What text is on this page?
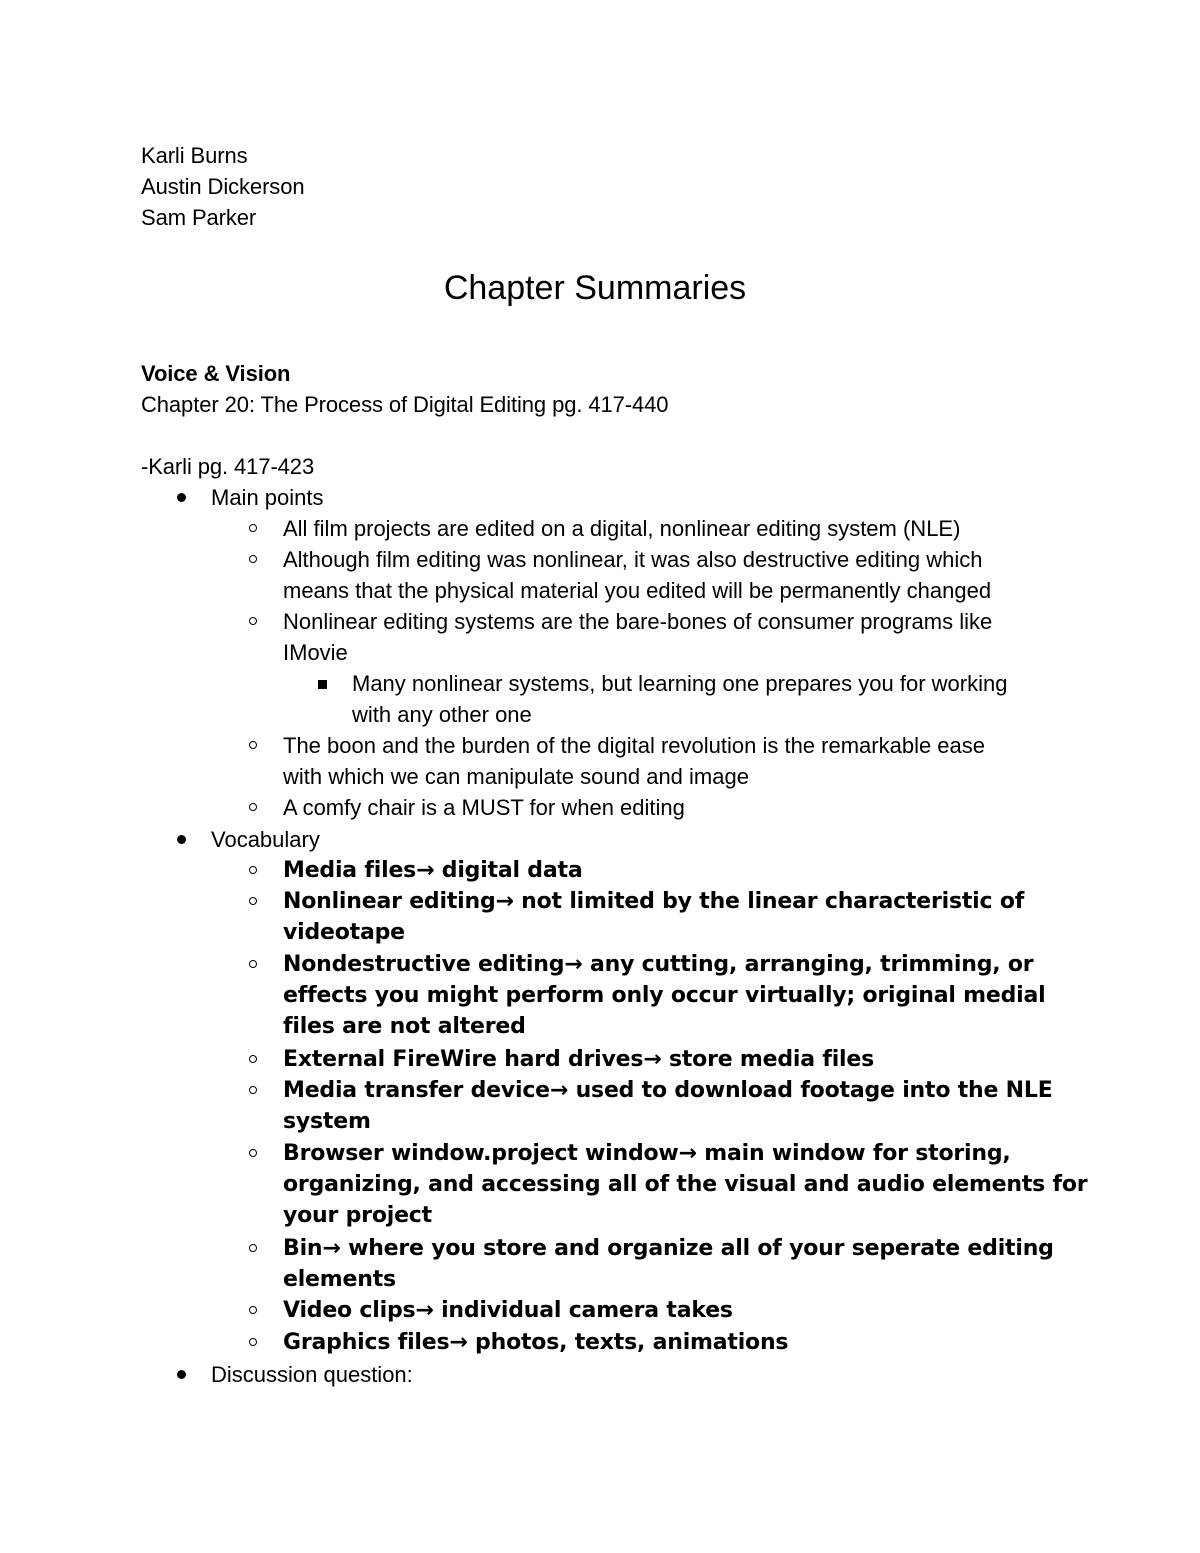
Karli Burns
Austin Dickerson
Sam Parker
Chapter Summaries
Voice & Vision
Chapter 20: The Process of Digital Editing pg. 417-440
-Karli pg. 417-423
Main points
All film projects are edited on a digital, nonlinear editing system (NLE)
Although film editing was nonlinear, it was also destructive editing which
means that the physical material you edited will be permanently changed
Nonlinear editing systems are the bare-bones of consumer programs like
IMovie
Many nonlinear systems, but learning one prepares you for working
with any other one
The boon and the burden of the digital revolution is the remarkable ease
with which we can manipulate sound and image
A comfy chair is a MUST for when editing
Vocabulary
Media files→ digital data
Nonlinear editing→ not limited by the linear characteristic of
videotape
Nondestructive editing→ any cutting, arranging, trimming, or
effects you might perform only occur virtually; original medial
files are not altered
External FireWire hard drives→ store media files
Media transfer device→ used to download footage into the NLE
system
Browser window.project window→ main window for storing,
organizing, and accessing all of the visual and audio elements for
your project
Bin→ where you store and organize all of your seperate editing
elements
Video clips→ individual camera takes
Graphics files→ photos, texts, animations
Discussion question:
